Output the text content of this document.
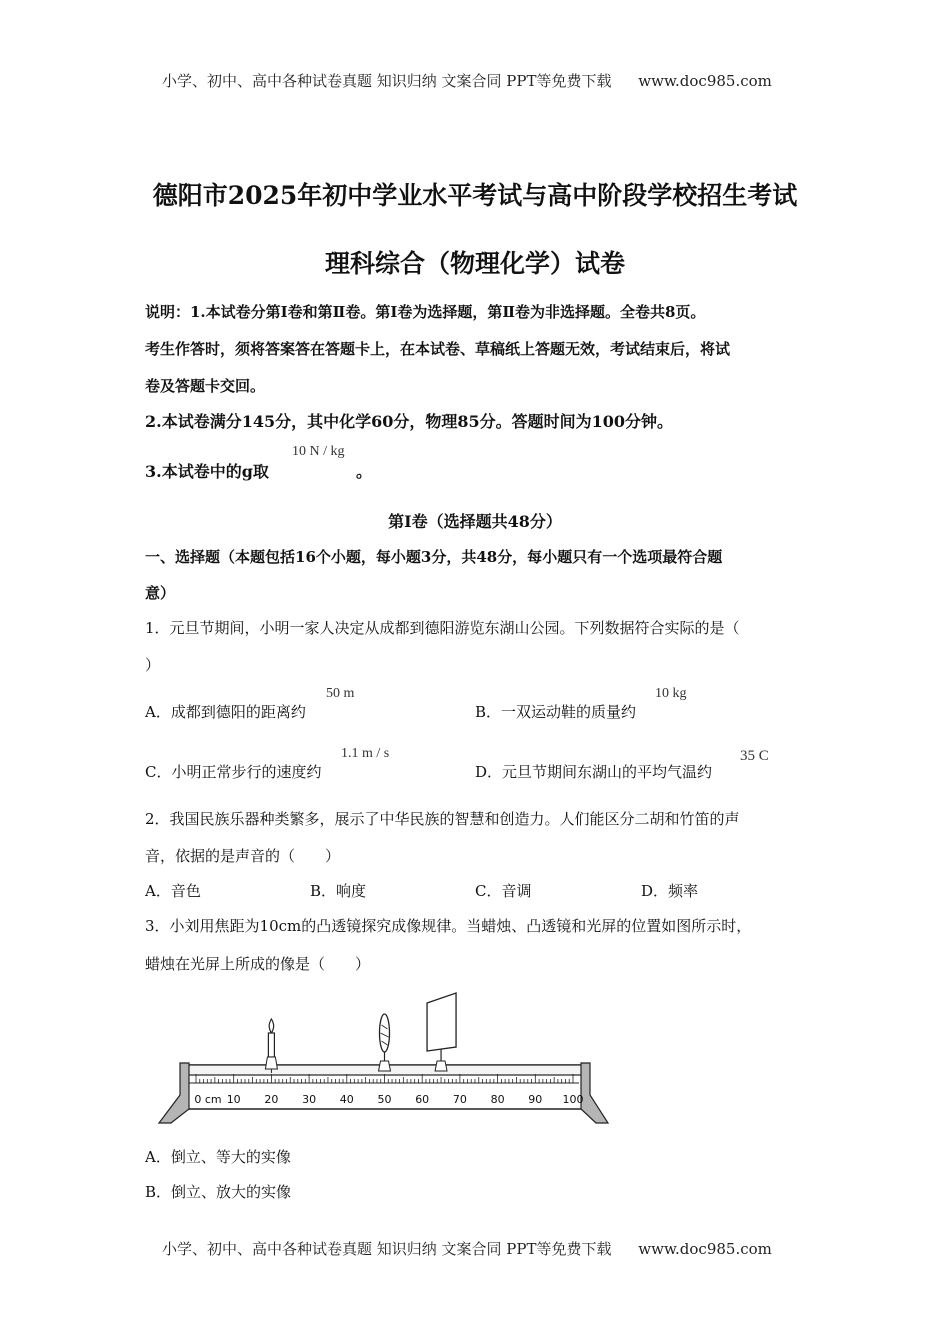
小学、初中、高中各种试卷真题 知识归纳 文案合同 PPT等免费下载 www.doc985.com
德阳市2025年初中学业水平考试与高中阶段学校招生考试
理科综合（物理化学）试卷
说明：1.本试卷分第Ⅰ卷和第Ⅱ卷。第Ⅰ卷为选择题，第Ⅱ卷为非选择题。全卷共8页。
考生作答时，须将答案答在答题卡上，在本试卷、草稿纸上答题无效，考试结束后，将试
卷及答题卡交回。
2.本试卷满分145分，其中化学60分，物理85分。答题时间为100分钟。
3.本试卷中的g取
10 N / kg
。
第Ⅰ卷（选择题共48分）
一、选择题（本题包括16个小题，每小题3分，共48分，每小题只有一个选项最符合题
意）
1．元旦节期间，小明一家人决定从成都到德阳游览东湖山公园。下列数据符合实际的是（
）
A．成都到德阳的距离约
50 m
B．一双运动鞋的质量约
10 kg
C．小明正常步行的速度约
1.1 m / s
D．元旦节期间东湖山的平均气温约
35 C
2．我国民族乐器种类繁多，展示了中华民族的智慧和创造力。人们能区分二胡和竹笛的声
音，依据的是声音的（　　）
A．音色	B．响度	C．音调	D．频率
3．小刘用焦距为10cm的凸透镜探究成像规律。当蜡烛、凸透镜和光屏的位置如图所示时，
蜡烛在光屏上所成的像是（　　）
0 cm 10 20 30 40 50 60 70 80 90 100
A．倒立、等大的实像
B．倒立、放大的实像
小学、初中、高中各种试卷真题 知识归纳 文案合同 PPT等免费下载 www.doc985.com
